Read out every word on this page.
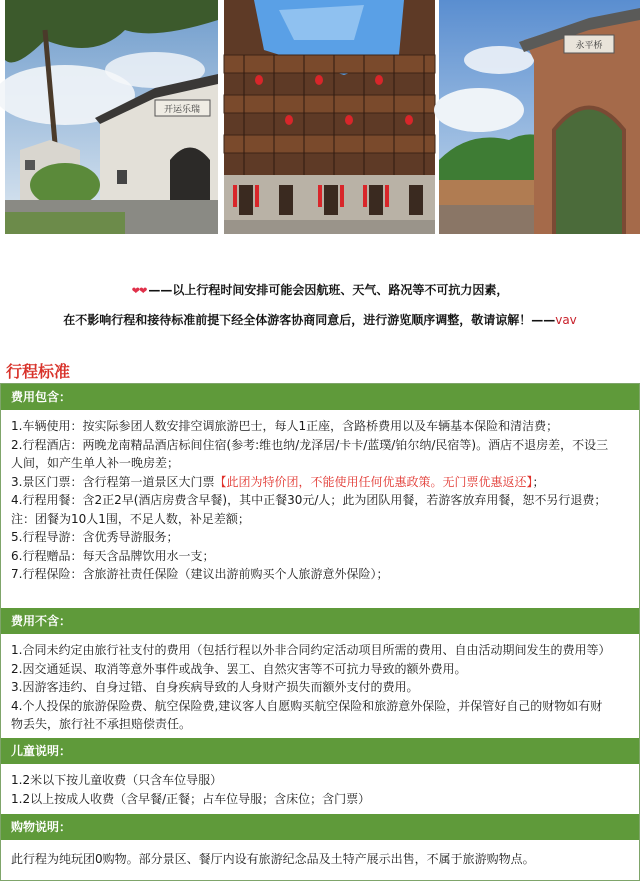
开运乐瑞
永平桥
❤❤ ——以上行程时间安排可能会因航班、天气、路况等不可抗力因素，
在不影响行程和接待标准前提下经全体游客协商同意后，进行游览顺序调整，敬请谅解！——vav
行程标准
费用包含：
1.车辆使用：按实际参团人数安排空调旅游巴士，每人1正座，含路桥费用以及车辆基本保险和清洁费；
2.行程酒店：两晚龙南精品酒店标间住宿(参考:维也纳/龙泽居/卡卡/蓝璞/铂尔纳/民宿等)。酒店不退房差，不设三
人间，如产生单人补一晚房差；
3.景区门票：含行程第一道景区大门票【此团为特价团，不能使用任何优惠政策。无门票优惠返还】；
4.行程用餐：含2正2早(酒店房费含早餐)，其中正餐30元/人；此为团队用餐，若游客放弃用餐，恕不另行退费；
注：团餐为10人1围，不足人数，补足差额；
5.行程导游：含优秀导游服务；
6.行程赠品：每天含品牌饮用水一支；
7.行程保险：含旅游社责任保险（建议出游前购买个人旅游意外保险）；
费用不含：
1.合同未约定由旅行社支付的费用（包括行程以外非合同约定活动项目所需的费用、自由活动期间发生的费用等）
2.因交通延误、取消等意外事件或战争、罢工、自然灾害等不可抗力导致的额外费用。
3.因游客违约、自身过错、自身疾病导致的人身财产损失而额外支付的费用。
4.个人投保的旅游保险费、航空保险费,建议客人自愿购买航空保险和旅游意外保险，并保管好自己的财物如有财
物丢失，旅行社不承担赔偿责任。
儿童说明：
1.2米以下按儿童收费（只含车位导服）
1.2以上按成人收费（含早餐/正餐；占车位导服；含床位；含门票）
购物说明：
此行程为纯玩团0购物。部分景区、餐厅内设有旅游纪念品及土特产展示出售，不属于旅游购物点。
